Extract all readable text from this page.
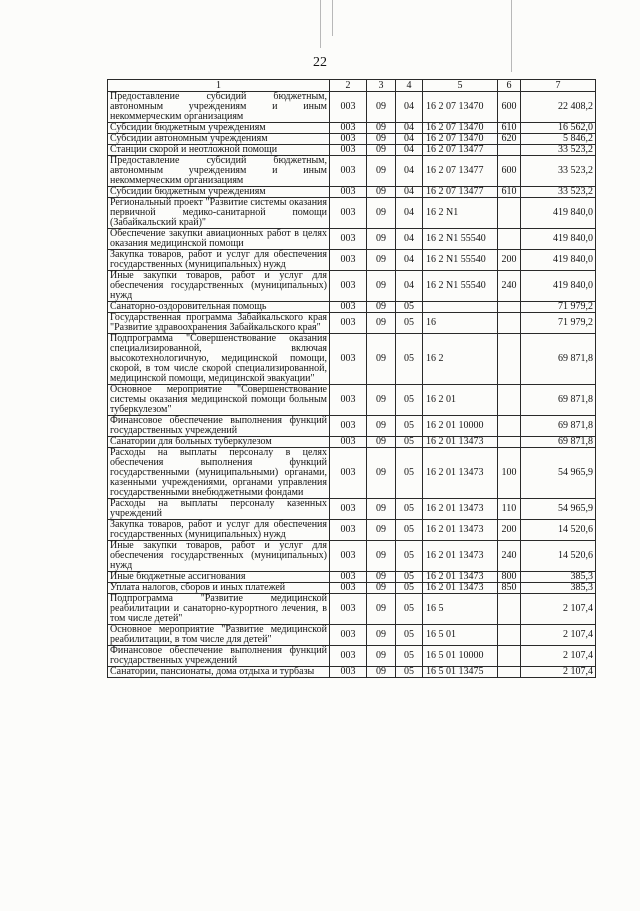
22
1	2	3	4	5	6	7
Предоставление субсидий бюджетным, автономным учреждениям и иным некоммерческим организациям	003	09	04	16 2 07 13470	600	22 408,2
Субсидии бюджетным учреждениям	003	09	04	16 2 07 13470	610	16 562,0
Субсидии автономным учреждениям	003	09	04	16 2 07 13470	620	5 846,2
Станции скорой и неотложной помощи	003	09	04	16 2 07 13477		33 523,2
Предоставление субсидий бюджетным, автономным учреждениям и иным некоммерческим организациям	003	09	04	16 2 07 13477	600	33 523,2
Субсидии бюджетным учреждениям	003	09	04	16 2 07 13477	610	33 523,2
Региональный проект "Развитие системы оказания первичной медико-санитарной помощи (Забайкальский край)"	003	09	04	16 2 N1		419 840,0
Обеспечение закупки авиационных работ в целях оказания медицинской помощи	003	09	04	16 2 N1 55540		419 840,0
Закупка товаров, работ и услуг для обеспечения государственных (муниципальных) нужд	003	09	04	16 2 N1 55540	200	419 840,0
Иные закупки товаров, работ и услуг для обеспечения государственных (муниципальных) нужд	003	09	04	16 2 N1 55540	240	419 840,0
Санаторно-оздоровительная помощь	003	09	05			71 979,2
Государственная программа Забайкальского края "Развитие здравоохранения Забайкальского края"	003	09	05	16		71 979,2
Подпрограмма "Совершенствование оказания специализированной, включая высокотехнологичную, медицинской помощи, скорой, в том числе скорой специализированной, медицинской помощи, медицинской эвакуации"	003	09	05	16 2		69 871,8
Основное мероприятие "Совершенствование системы оказания медицинской помощи больным туберкулезом"	003	09	05	16 2 01		69 871,8
Финансовое обеспечение выполнения функций государственных учреждений	003	09	05	16 2 01 10000		69 871,8
Санатории для больных туберкулезом	003	09	05	16 2 01 13473		69 871,8
Расходы на выплаты персоналу в целях обеспечения выполнения функций государственными (муниципальными) органами, казенными учреждениями, органами управления государственными внебюджетными фондами	003	09	05	16 2 01 13473	100	54 965,9
Расходы на выплаты персоналу казенных учреждений	003	09	05	16 2 01 13473	110	54 965,9
Закупка товаров, работ и услуг для обеспечения государственных (муниципальных) нужд	003	09	05	16 2 01 13473	200	14 520,6
Иные закупки товаров, работ и услуг для обеспечения государственных (муниципальных) нужд	003	09	05	16 2 01 13473	240	14 520,6
Иные бюджетные ассигнования	003	09	05	16 2 01 13473	800	385,3
Уплата налогов, сборов и иных платежей	003	09	05	16 2 01 13473	850	385,3
Подпрограмма "Развитие медицинской реабилитации и санаторно-курортного лечения, в том числе детей"	003	09	05	16 5		2 107,4
Основное мероприятие "Развитие медицинской реабилитации, в том числе для детей"	003	09	05	16 5 01		2 107,4
Финансовое обеспечение выполнения функций государственных учреждений	003	09	05	16 5 01 10000		2 107,4
Санатории, пансионаты, дома отдыха и турбазы	003	09	05	16 5 01 13475		2 107,4
